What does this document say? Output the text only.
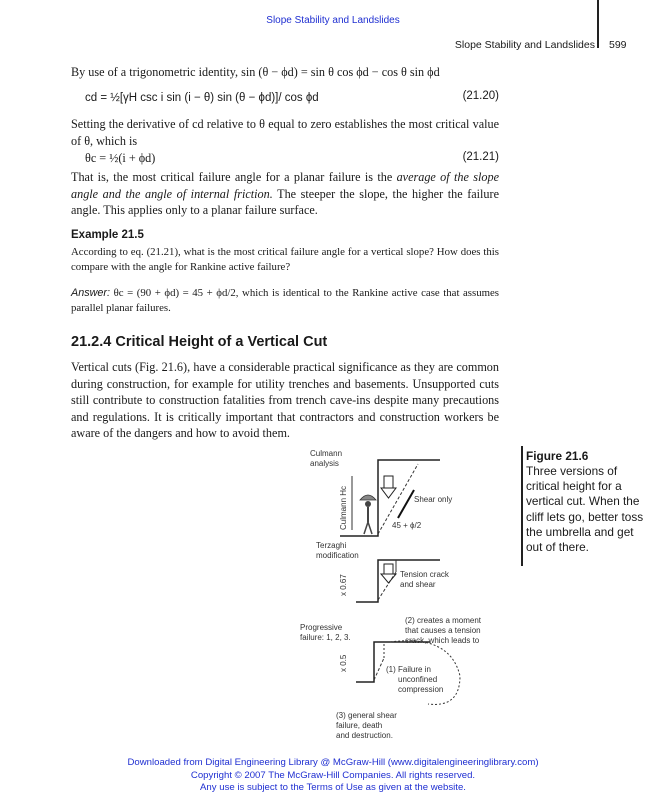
Slope Stability and Landslides
Slope Stability and Landslides 599
By use of a trigonometric identity, sin (θ − ϕd) = sin θ cos ϕd − cos θ sin ϕd
cd = ½[γH csc i sin (i − θ) sin (θ − ϕd)]/ cos ϕd	(21.20)
Setting the derivative of cd relative to θ equal to zero establishes the most critical value of θ, which is
θc = ½(i + ϕd)	(21.21)
That is, the most critical failure angle for a planar failure is the average of the slope angle and the angle of internal friction. The steeper the slope, the higher the failure angle. This applies only to a planar failure surface.
Example 21.5
According to eq. (21.21), what is the most critical failure angle for a vertical slope? How does this compare with the angle for Rankine active failure?
Answer: θc = (90 + ϕd) = 45 + ϕd/2, which is identical to the Rankine active case that assumes parallel planar failures.
21.2.4 Critical Height of a Vertical Cut
Vertical cuts (Fig. 21.6), have a considerable practical significance as they are common during construction, for example for utility trenches and basements. Unsupported cuts still contribute to construction fatalities from trench cave-ins despite many precautions and regulations. It is critically important that contractors and construction workers be aware of the dangers and how to avoid them.
Culmann
analysis
Culmann Hc	Shear only
45 + ϕ/2
Terzaghi
modification
x 0.67	Tension crack
and shear
Progressive
failure: 1, 2, 3.
x 0.5
(2) creates a moment
that causes a tension
crack, which leads to
(1) Failure in
unconfined
compression
(3) general shear
failure, death
and destruction.
Figure 21.6
Three versions of critical height for a vertical cut. When the cliff lets go, better toss the umbrella and get out of there.
Downloaded from Digital Engineering Library @ McGraw-Hill (www.digitalengineeringlibrary.com)
Copyright © 2007 The McGraw-Hill Companies. All rights reserved.
Any use is subject to the Terms of Use as given at the website.
